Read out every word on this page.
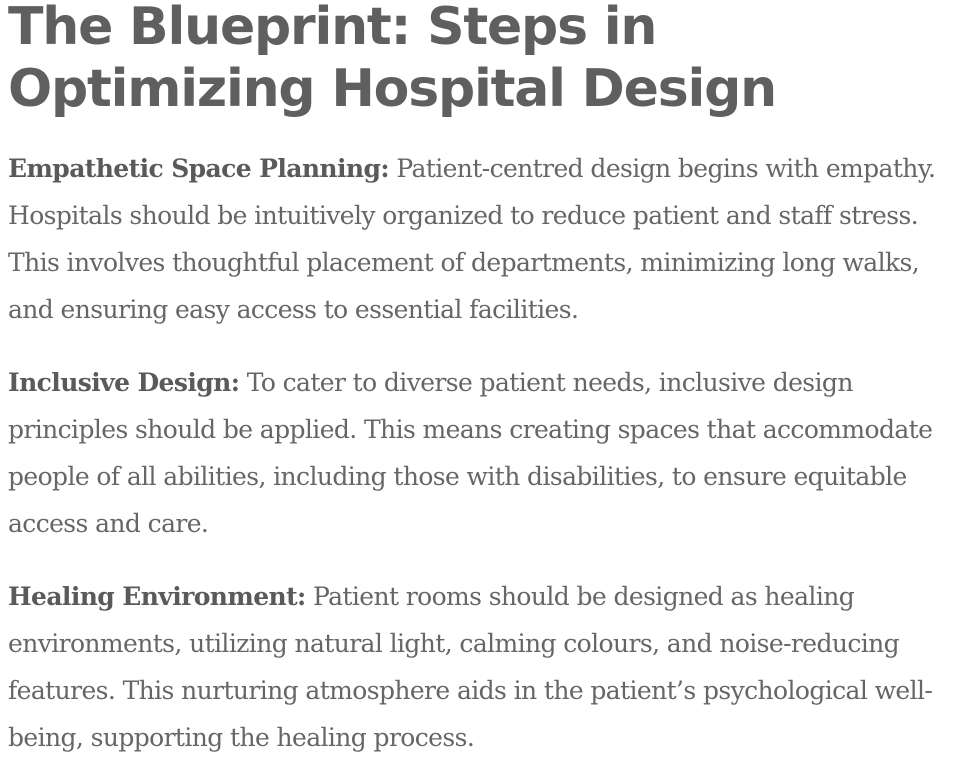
The Blueprint: Steps in Optimizing Hospital Design

Empathetic Space Planning: Patient-centred design begins with empathy. Hospitals should be intuitively organized to reduce patient and staff stress. This involves thoughtful placement of departments, minimizing long walks, and ensuring easy access to essential facilities.

Inclusive Design: To cater to diverse patient needs, inclusive design principles should be applied. This means creating spaces that accommodate people of all abilities, including those with disabilities, to ensure equitable access and care.

Healing Environment: Patient rooms should be designed as healing environments, utilizing natural light, calming colours, and noise-reducing features. This nurturing atmosphere aids in the patient’s psychological well-being, supporting the healing process.
